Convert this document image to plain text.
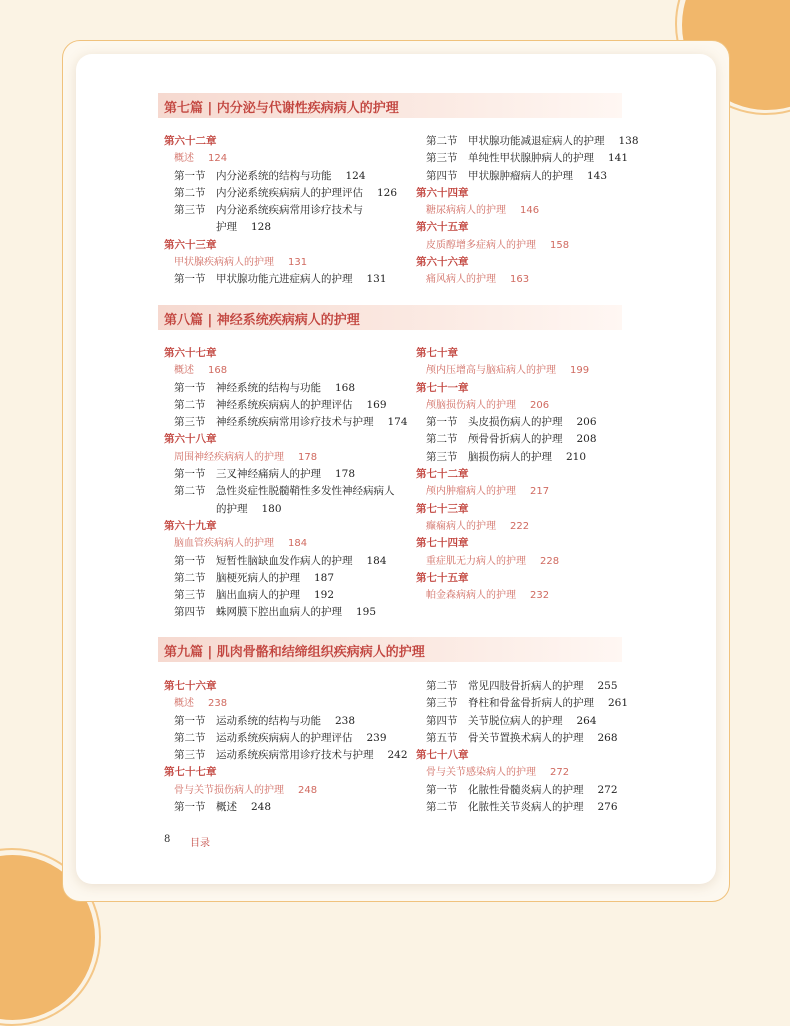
第七篇 | 内分泌与代谢性疾病病人的护理
第六十二章
概述 124
第一节 内分泌系统的结构与功能 124
第二节 内分泌系统疾病病人的护理评估 126
第三节 内分泌系统疾病常用诊疗技术与
护理 128
第六十三章
甲状腺疾病病人的护理 131
第一节 甲状腺功能亢进症病人的护理 131
第二节 甲状腺功能减退症病人的护理 138
第三节 单纯性甲状腺肿病人的护理 141
第四节 甲状腺肿瘤病人的护理 143
第六十四章
糖尿病病人的护理 146
第六十五章
皮质醇增多症病人的护理 158
第六十六章
痛风病人的护理 163
第八篇 | 神经系统疾病病人的护理
第六十七章
概述 168
第一节 神经系统的结构与功能 168
第二节 神经系统疾病病人的护理评估 169
第三节 神经系统疾病常用诊疗技术与护理 174
第六十八章
周围神经疾病病人的护理 178
第一节 三叉神经痛病人的护理 178
第二节 急性炎症性脱髓鞘性多发性神经病病人
的护理 180
第六十九章
脑血管疾病病人的护理 184
第一节 短暂性脑缺血发作病人的护理 184
第二节 脑梗死病人的护理 187
第三节 脑出血病人的护理 192
第四节 蛛网膜下腔出血病人的护理 195
第七十章
颅内压增高与脑疝病人的护理 199
第七十一章
颅脑损伤病人的护理 206
第一节 头皮损伤病人的护理 206
第二节 颅骨骨折病人的护理 208
第三节 脑损伤病人的护理 210
第七十二章
颅内肿瘤病人的护理 217
第七十三章
癫痫病人的护理 222
第七十四章
重症肌无力病人的护理 228
第七十五章
帕金森病病人的护理 232
第九篇 | 肌肉骨骼和结缔组织疾病病人的护理
第七十六章
概述 238
第一节 运动系统的结构与功能 238
第二节 运动系统疾病病人的护理评估 239
第三节 运动系统疾病常用诊疗技术与护理 242
第七十七章
骨与关节损伤病人的护理 248
第一节 概述 248
第二节 常见四肢骨折病人的护理 255
第三节 脊柱和骨盆骨折病人的护理 261
第四节 关节脱位病人的护理 264
第五节 骨关节置换术病人的护理 268
第七十八章
骨与关节感染病人的护理 272
第一节 化脓性骨髓炎病人的护理 272
第二节 化脓性关节炎病人的护理 276
8 目录
